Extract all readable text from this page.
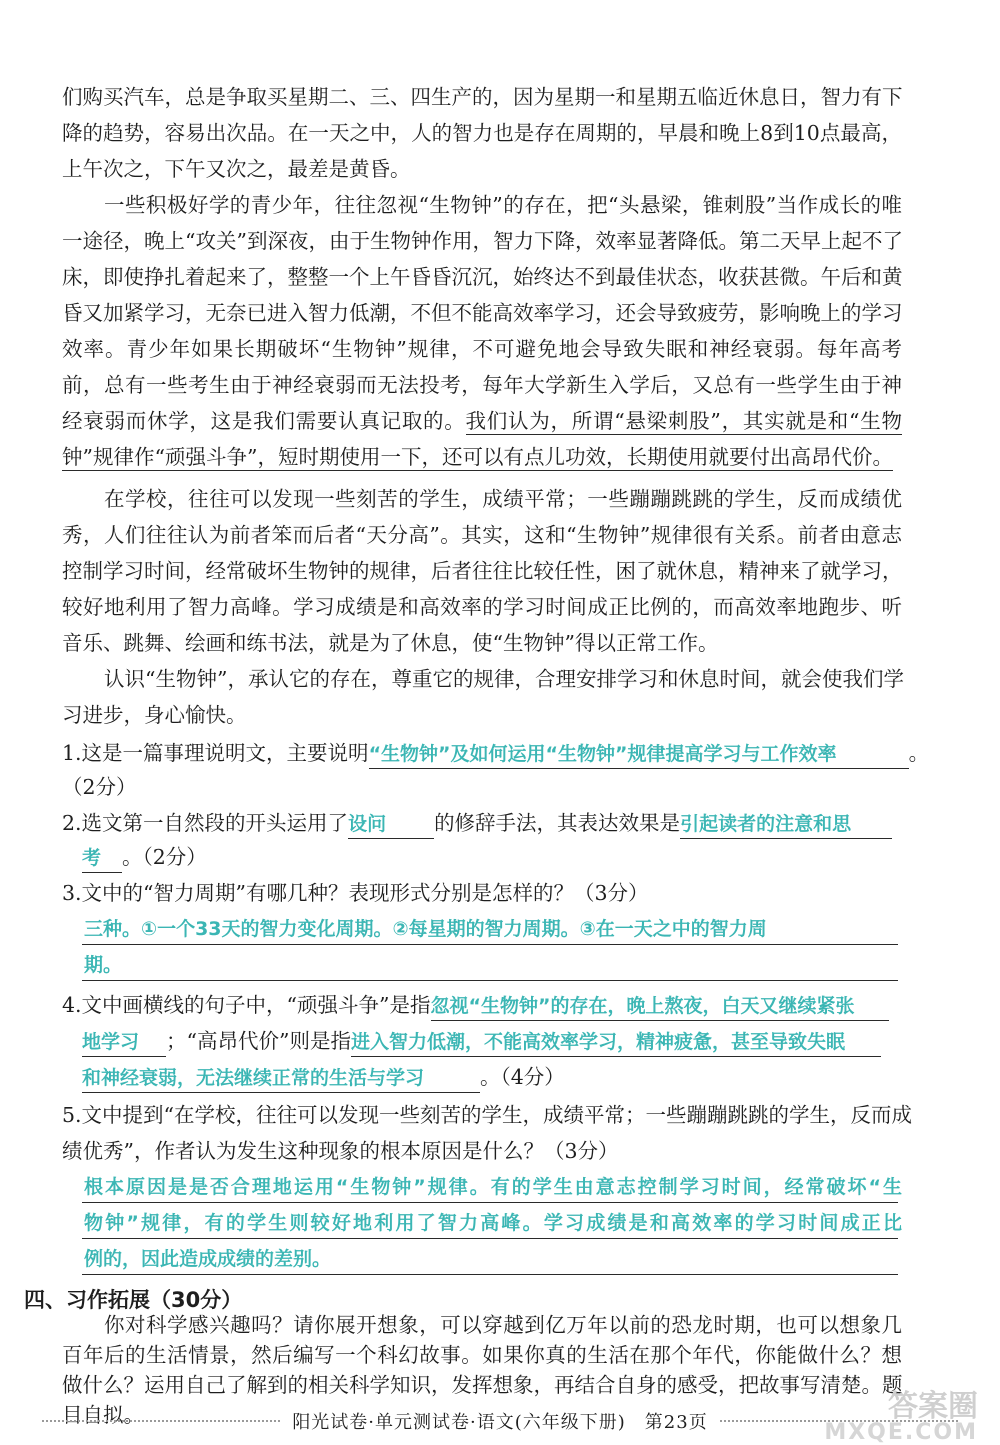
们购买汽车，总是争取买星期二、三、四生产的，因为星期一和星期五临近休息日，智力有下
降的趋势，容易出次品。在一天之中，人的智力也是存在周期的，早晨和晚上8到10点最高，
上午次之，下午又次之，最差是黄昏。
一些积极好学的青少年，往往忽视“生物钟”的存在，把“头悬梁，锥刺股”当作成长的唯
一途径，晚上“攻关”到深夜，由于生物钟作用，智力下降，效率显著降低。第二天早上起不了
床，即使挣扎着起来了，整整一个上午昏昏沉沉，始终达不到最佳状态，收获甚微。午后和黄
昏又加紧学习，无奈已进入智力低潮，不但不能高效率学习，还会导致疲劳，影响晚上的学习
效率。青少年如果长期破坏“生物钟”规律，不可避免地会导致失眠和神经衰弱。每年高考
前，总有一些考生由于神经衰弱而无法投考，每年大学新生入学后，又总有一些学生由于神
经衰弱而休学，这是我们需要认真记取的。我们认为，所谓“悬梁刺股”，其实就是和“生物
钟”规律作“顽强斗争”，短时期使用一下，还可以有点儿功效，长期使用就要付出高昂代价。
在学校，往往可以发现一些刻苦的学生，成绩平常；一些蹦蹦跳跳的学生，反而成绩优
秀，人们往往认为前者笨而后者“天分高”。其实，这和“生物钟”规律很有关系。前者由意志
控制学习时间，经常破坏生物钟的规律，后者往往比较任性，困了就休息，精神来了就学习，
较好地利用了智力高峰。学习成绩是和高效率的学习时间成正比例的，而高效率地跑步、听
音乐、跳舞、绘画和练书法，就是为了休息，使“生物钟”得以正常工作。
认识“生物钟”，承认它的存在，尊重它的规律，合理安排学习和休息时间，就会使我们学
习进步，身心愉快。
1.这是一篇事理说明文，主要说明“生物钟”及如何运用“生物钟”规律提高学习与工作效率	。
（2分）
2.选文第一自然段的开头运用了设问 的修辞手法，其表达效果是引起读者的注意和思
考 。（2分）
3.文中的“智力周期”有哪几种？表现形式分别是怎样的？（3分）
三种。①一个33天的智力变化周期。②每星期的智力周期。③在一天之中的智力周
期。
4.文中画横线的句子中，“顽强斗争”是指忽视“生物钟”的存在，晚上熬夜，白天又继续紧张
地学习 ；“高昂代价”则是指进入智力低潮，不能高效率学习，精神疲惫，甚至导致失眠
和神经衰弱，无法继续正常的生活与学习	。（4分）
5.文中提到“在学校，往往可以发现一些刻苦的学生，成绩平常；一些蹦蹦跳跳的学生，反而成
绩优秀”，作者认为发生这种现象的根本原因是什么？（3分）
根本原因是是否合理地运用“生物钟”规律。有的学生由意志控制学习时间，经常破坏“生
物钟”规律，有的学生则较好地利用了智力高峰。学习成绩是和高效率的学习时间成正比
例的，因此造成成绩的差别。
四、习作拓展（30分）
你对科学感兴趣吗？请你展开想象，可以穿越到亿万年以前的恐龙时期，也可以想象几
百年后的生活情景，然后编写一个科幻故事。如果你真的生活在那个年代，你能做什么？想
做什么？运用自己了解到的相关科学知识，发挥想象，再结合自身的感受，把故事写清楚。题
目自拟。	阳光试卷·单元测试卷·语文(六年级下册)　第23页	答案圈
MXQE.COM
